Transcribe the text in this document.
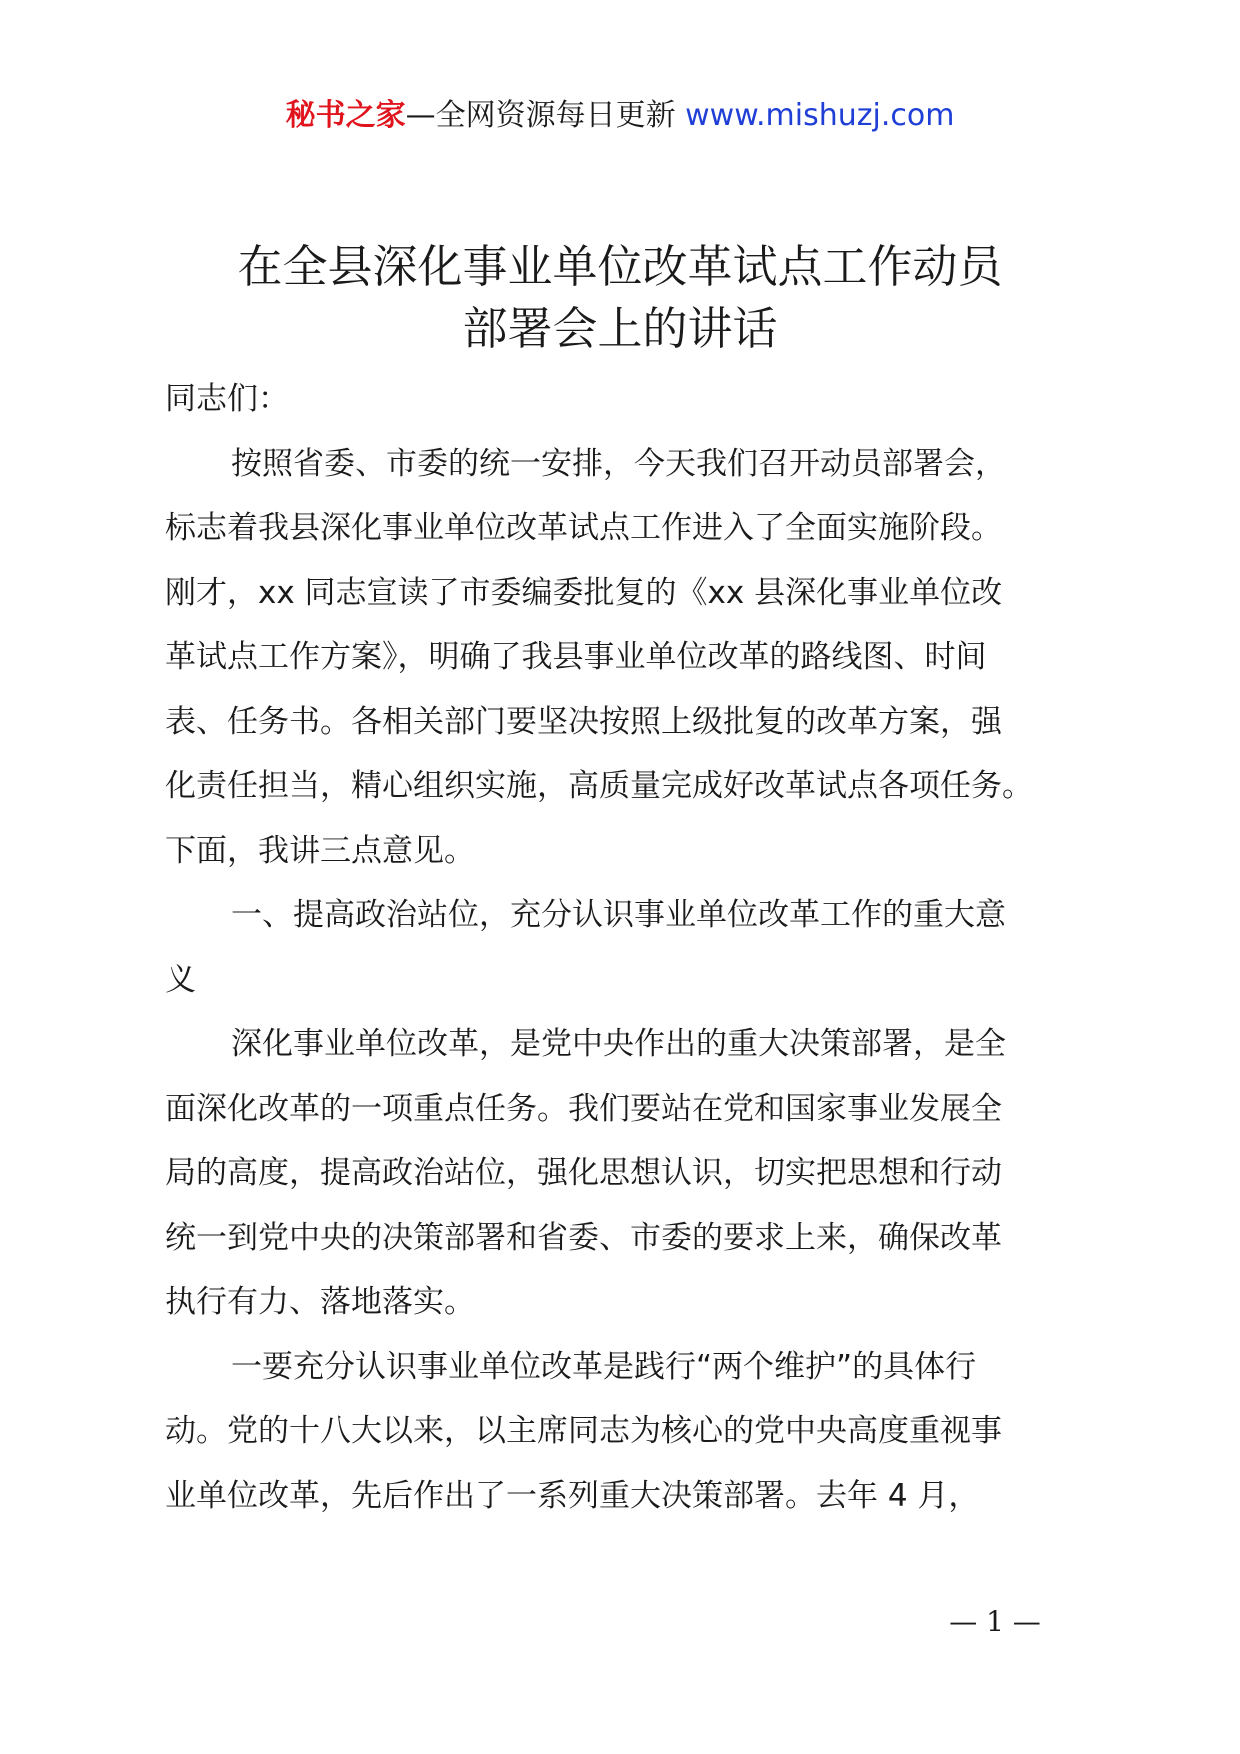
秘书之家—全网资源每日更新 www.mishuzj.com
在全县深化事业单位改革试点工作动员
部署会上的讲话
同志们：
按照省委、市委的统一安排，今天我们召开动员部署会，
标志着我县深化事业单位改革试点工作进入了全面实施阶段。
刚才，xx 同志宣读了市委编委批复的《xx 县深化事业单位改
革试点工作方案》，明确了我县事业单位改革的路线图、时间
表、任务书。各相关部门要坚决按照上级批复的改革方案，强
化责任担当，精心组织实施，高质量完成好改革试点各项任务。
下面，我讲三点意见。
一、提高政治站位，充分认识事业单位改革工作的重大意
义
深化事业单位改革，是党中央作出的重大决策部署，是全
面深化改革的一项重点任务。我们要站在党和国家事业发展全
局的高度，提高政治站位，强化思想认识，切实把思想和行动
统一到党中央的决策部署和省委、市委的要求上来，确保改革
执行有力、落地落实。
一要充分认识事业单位改革是践行“两个维护”的具体行
动。党的十八大以来，以主席同志为核心的党中央高度重视事
业单位改革，先后作出了一系列重大决策部署。去年 4 月，
— 1 —
